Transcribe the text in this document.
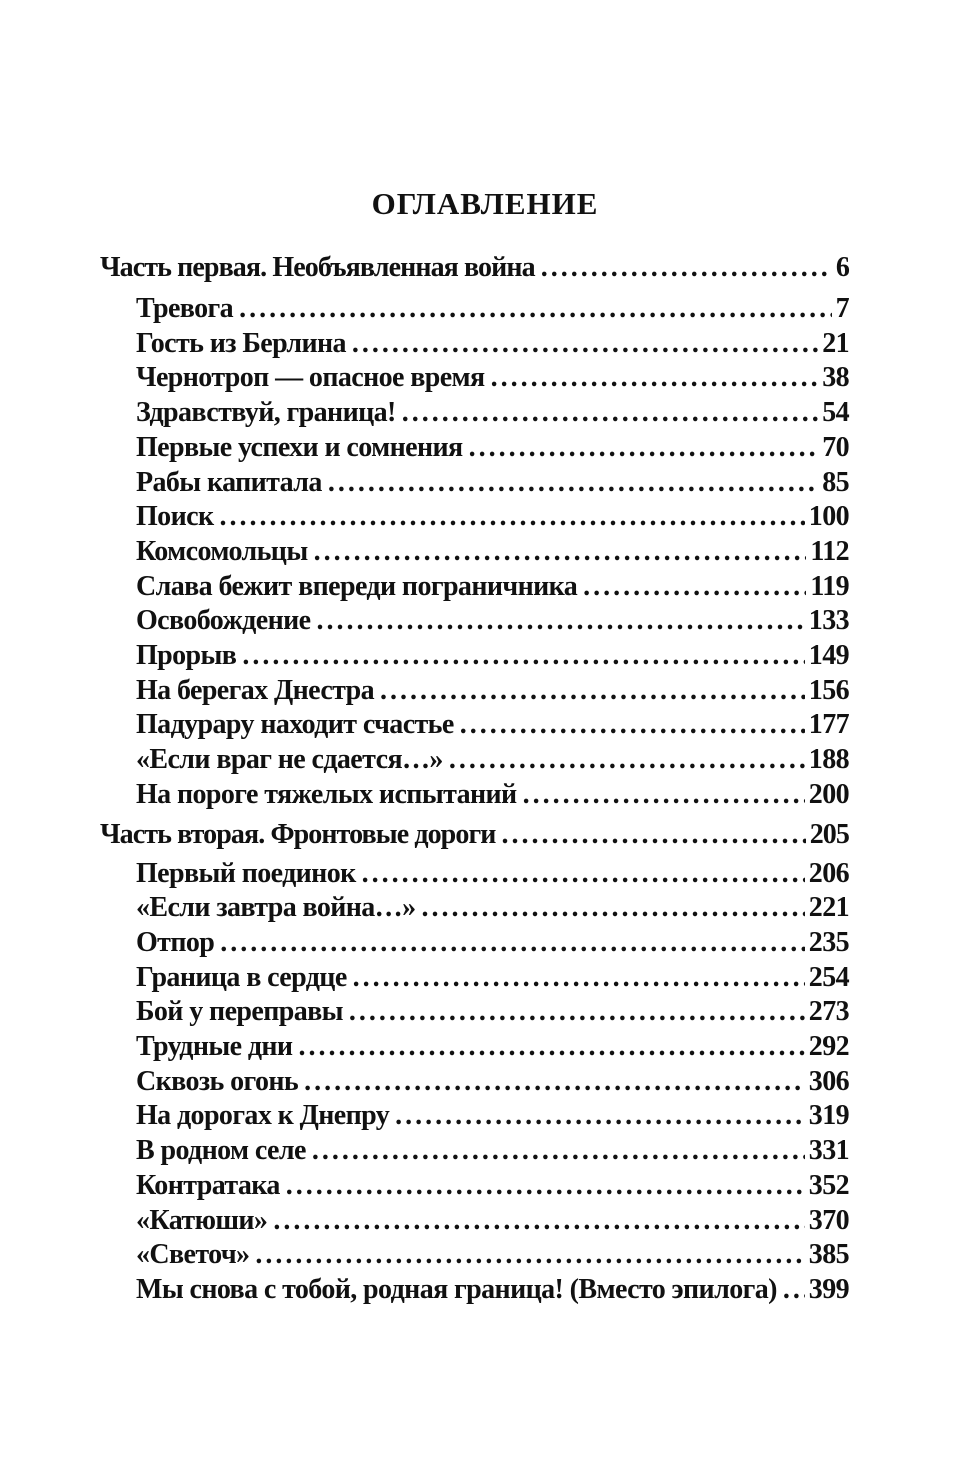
ОГЛАВЛЕНИЕ
Часть первая. Необъявленная война . . .	6
Тревога . . .	7
Гость из Берлина . . .	21
Чернотроп — опасное время . . .	38
Здравствуй, граница! . . .	54
Первые успехи и сомнения . . .	70
Рабы капитала . . .	85
Поиск . . .	100
Комсомольцы . . .	112
Слава бежит впереди пограничника . . .	119
Освобождение . . .	133
Прорыв . . .	149
На берегах Днестра . . .	156
Падурару находит счастье . . .	177
«Если враг не сдается…» . . .	188
На пороге тяжелых испытаний . . .	200
Часть вторая. Фронтовые дороги . . .	205
Первый поединок . . .	206
«Если завтра война…» . . .	221
Отпор . . .	235
Граница в сердце . . .	254
Бой у переправы . . .	273
Трудные дни . . .	292
Сквозь огонь . . .	306
На дорогах к Днепру . . .	319
В родном селе . . .	331
Контратака . . .	352
«Катюши» . . .	370
«Светоч» . . .	385
Мы снова с тобой, родная граница! (Вместо эпилога) . . . 399
